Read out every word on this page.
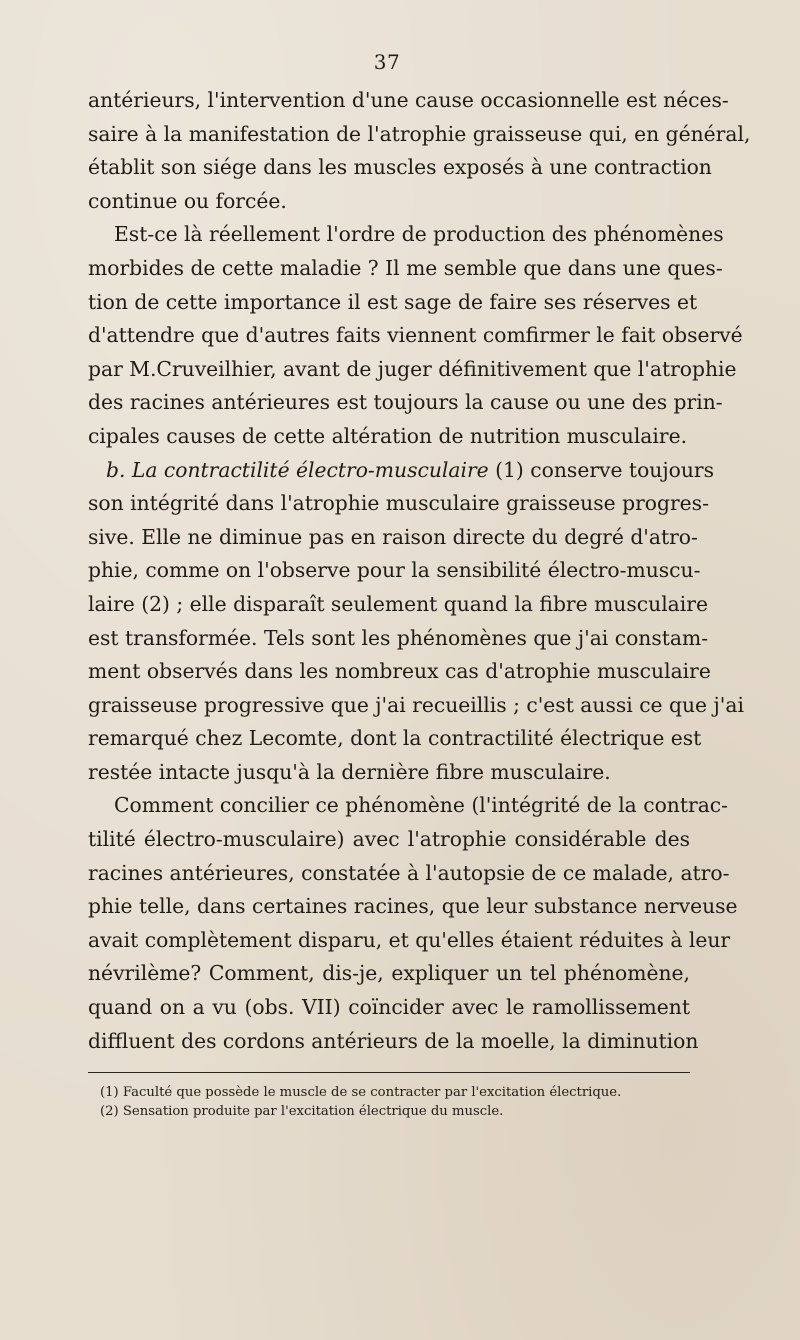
37
antérieurs, l'intervention d'une cause occasionnelle est néces-
saire à la manifestation de l'atrophie graisseuse qui, en général,
établit son siége dans les muscles exposés à une contraction
continue ou forcée.
Est-ce là réellement l'ordre de production des phénomènes
morbides de cette maladie ? Il me semble que dans une ques-
tion de cette importance il est sage de faire ses réserves et
d'attendre que d'autres faits viennent comfirmer le fait observé
par M.Cruveilhier, avant de juger définitivement que l'atrophie
des racines antérieures est toujours la cause ou une des prin-
cipales causes de cette altération de nutrition musculaire.
b. La contractilité électro-musculaire (1) conserve toujours
son intégrité dans l'atrophie musculaire graisseuse progres-
sive. Elle ne diminue pas en raison directe du degré d'atro-
phie, comme on l'observe pour la sensibilité électro-muscu-
laire (2) ; elle disparaît seulement quand la fibre musculaire
est transformée. Tels sont les phénomènes que j'ai constam-
ment observés dans les nombreux cas d'atrophie musculaire
graisseuse progressive que j'ai recueillis ; c'est aussi ce que j'ai
remarqué chez Lecomte, dont la contractilité électrique est
restée intacte jusqu'à la dernière fibre musculaire.
Comment concilier ce phénomène (l'intégrité de la contrac-
tilité électro-musculaire) avec l'atrophie considérable des
racines antérieures, constatée à l'autopsie de ce malade, atro-
phie telle, dans certaines racines, que leur substance nerveuse
avait complètement disparu, et qu'elles étaient réduites à leur
névrilème? Comment, dis-je, expliquer un tel phénomène,
quand on a vu (obs. VII) coïncider avec le ramollissement
diffluent des cordons antérieurs de la moelle, la diminution
(1) Faculté que possède le muscle de se contracter par l'excitation électrique.
(2) Sensation produite par l'excitation électrique du muscle.
